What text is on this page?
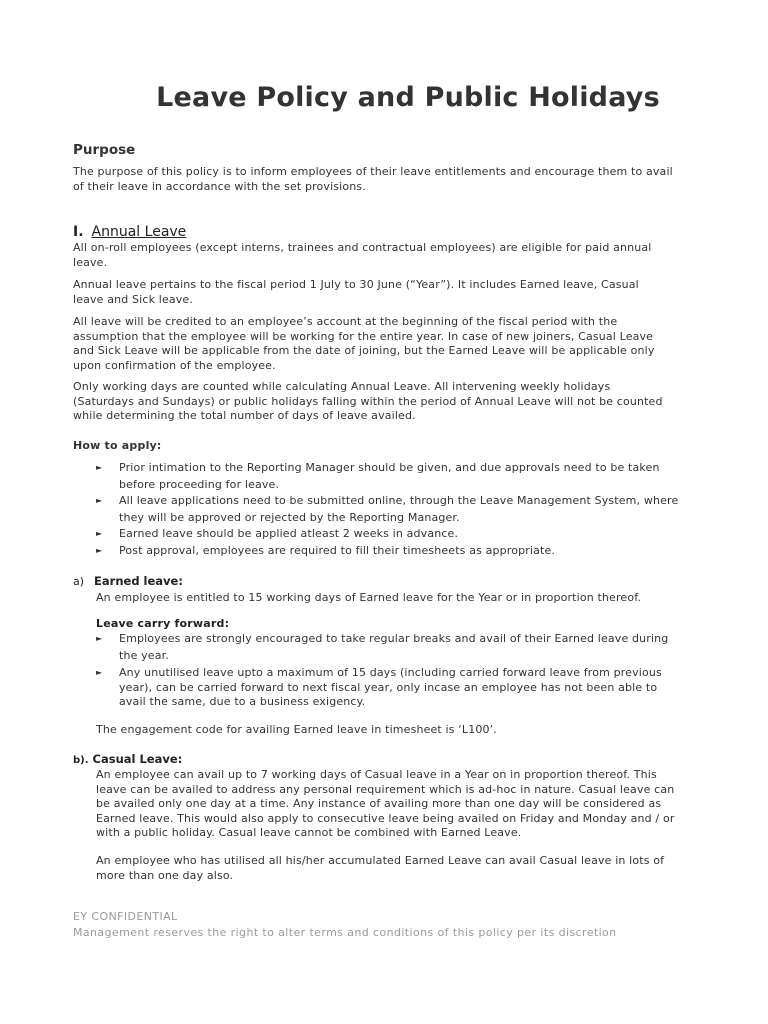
Leave Policy and Public Holidays
Purpose

The purpose of this policy is to inform employees of their leave entitlements and encourage them to avail

of their leave in accordance with the set provisions.

I. Annual Leave

All on-roll employees (except interns, trainees and contractual employees) are eligible for paid annual

leave.

Annual leave pertains to the fiscal period 1 July to 30 June (“Year”). It includes Earned leave, Casual

leave and Sick leave.

All leave will be credited to an employee’s account at the beginning of the fiscal period with the

assumption that the employee will be working for the entire year. In case of new joiners, Casual Leave

and Sick Leave will be applicable from the date of joining, but the Earned Leave will be applicable only

upon confirmation of the employee.

Only working days are counted while calculating Annual Leave. All intervening weekly holidays

(Saturdays and Sundays) or public holidays falling within the period of Annual Leave will not be counted

while determining the total number of days of leave availed.

How to apply:
► Prior intimation to the Reporting Manager should be given, and due approvals need to be taken
before proceeding for leave.
► All leave applications need to be submitted online, through the Leave Management System, where
they will be approved or rejected by the Reporting Manager.
► Earned leave should be applied atleast 2 weeks in advance.
► Post approval, employees are required to fill their timesheets as appropriate.
a) Earned leave:
An employee is entitled to 15 working days of Earned leave for the Year or in proportion thereof.
Leave carry forward:
► Employees are strongly encouraged to take regular breaks and avail of their Earned leave during
the year.
► Any unutilised leave upto a maximum of 15 days (including carried forward leave from previous
year), can be carried forward to next fiscal year, only incase an employee has not been able to
avail the same, due to a business exigency.
The engagement code for availing Earned leave in timesheet is ‘L100’.
b). Casual Leave:

An employee can avail up to 7 working days of Casual leave in a Year on in proportion thereof. This

leave can be availed to address any personal requirement which is ad-hoc in nature. Casual leave can

be availed only one day at a time. Any instance of availing more than one day will be considered as

Earned leave. This would also apply to consecutive leave being availed on Friday and Monday and / or

with a public holiday. Casual leave cannot be combined with Earned Leave.

An employee who has utilised all his/her accumulated Earned Leave can avail Casual leave in lots of

more than one day also.

EY CONFIDENTIAL
Management reserves the right to alter terms and conditions of this policy per its discretion
